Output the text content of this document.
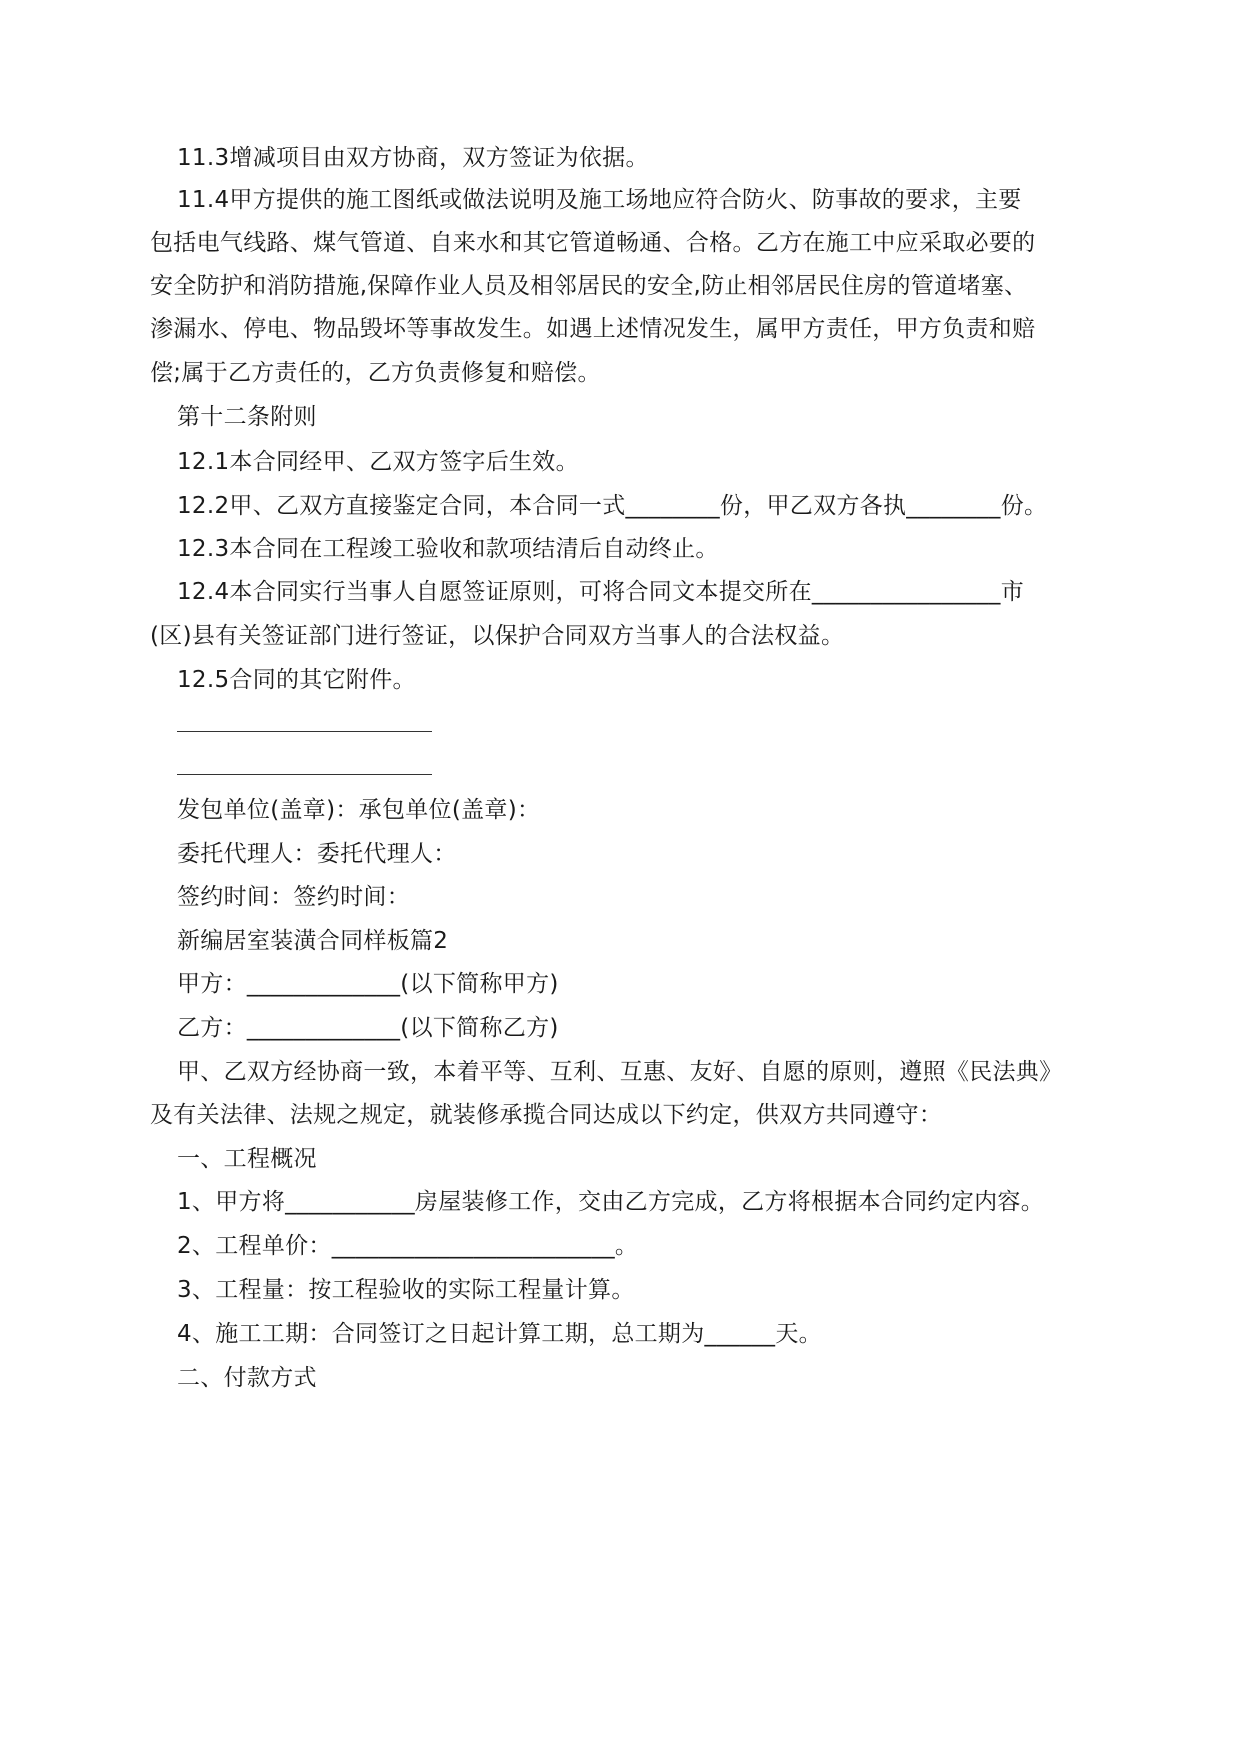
11.3增减项目由双方协商，双方签证为依据。
11.4甲方提供的施工图纸或做法说明及施工场地应符合防火、防事故的要求，主要
包括电气线路、煤气管道、自来水和其它管道畅通、合格。乙方在施工中应采取必要的
安全防护和消防措施,保障作业人员及相邻居民的安全,防止相邻居民住房的管道堵塞、
渗漏水、停电、物品毁坏等事故发生。如遇上述情况发生，属甲方责任，甲方负责和赔
偿;属于乙方责任的，乙方负责修复和赔偿。
第十二条附则
12.1本合同经甲、乙双方签字后生效。
12.2甲、乙双方直接鉴定合同，本合同一式________份，甲乙双方各执________份。
12.3本合同在工程竣工验收和款项结清后自动终止。
12.4本合同实行当事人自愿签证原则，可将合同文本提交所在________________市
(区)县有关签证部门进行签证，以保护合同双方当事人的合法权益。
12.5合同的其它附件。
发包单位(盖章)：承包单位(盖章)：
委托代理人：委托代理人：
签约时间：签约时间：
新编居室装潢合同样板篇2
甲方：_____________(以下简称甲方)
乙方：_____________(以下简称乙方)
甲、乙双方经协商一致，本着平等、互利、互惠、友好、自愿的原则，遵照《民法典》
及有关法律、法规之规定，就装修承揽合同达成以下约定，供双方共同遵守：
一、工程概况
1、甲方将___________房屋装修工作，交由乙方完成，乙方将根据本合同约定内容。
2、工程单价：________________________。
3、工程量：按工程验收的实际工程量计算。
4、施工工期：合同签订之日起计算工期，总工期为______天。
二、付款方式
